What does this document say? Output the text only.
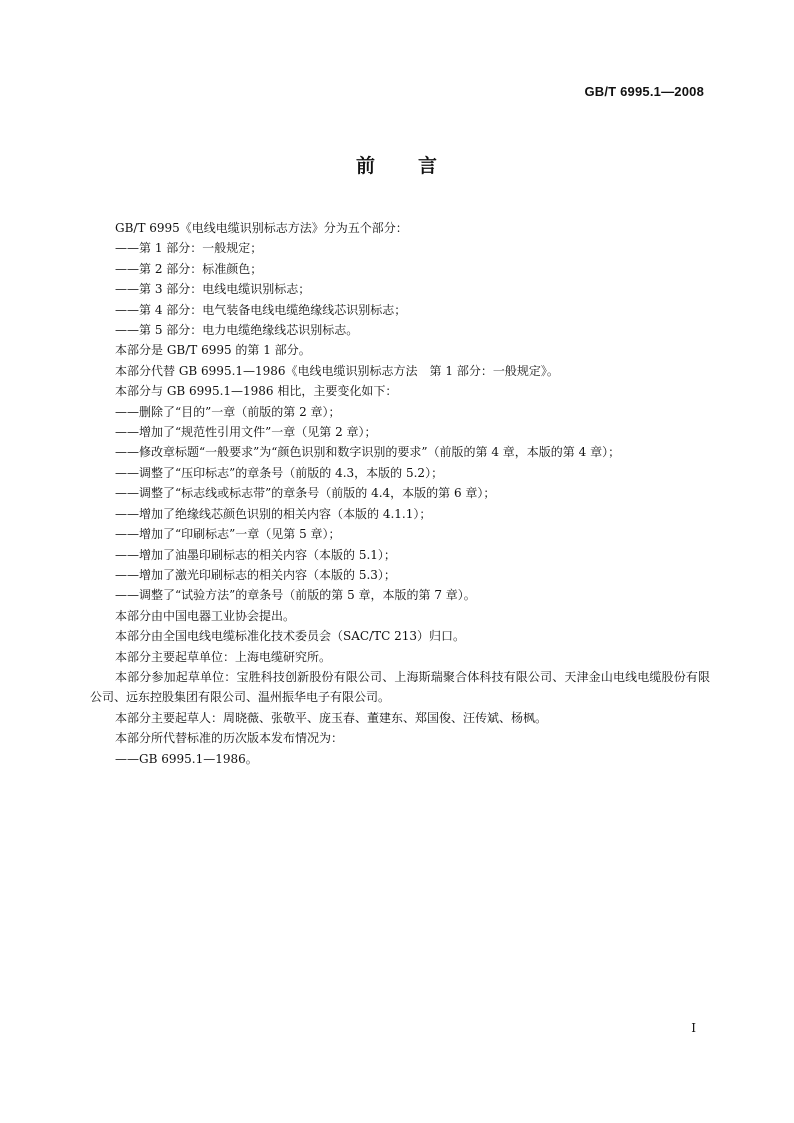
GB/T 6995.1—2008
前 言

GB/T 6995《电线电缆识别标志方法》分为五个部分：

——第 1 部分：一般规定；

——第 2 部分：标准颜色；

——第 3 部分：电线电缆识别标志；

——第 4 部分：电气装备电线电缆绝缘线芯识别标志；

——第 5 部分：电力电缆绝缘线芯识别标志。

本部分是 GB/T 6995 的第 1 部分。

本部分代替 GB 6995.1—1986《电线电缆识别标志方法　第 1 部分：一般规定》。

本部分与 GB 6995.1—1986 相比，主要变化如下：

——删除了“目的”一章（前版的第 2 章）；

——增加了“规范性引用文件”一章（见第 2 章）；

——修改章标题“一般要求”为“颜色识别和数字识别的要求”（前版的第 4 章，本版的第 4 章）；

——调整了“压印标志”的章条号（前版的 4.3，本版的 5.2）；

——调整了“标志线或标志带”的章条号（前版的 4.4，本版的第 6 章）；

——增加了绝缘线芯颜色识别的相关内容（本版的 4.1.1）；

——增加了“印刷标志”一章（见第 5 章）；

——增加了油墨印刷标志的相关内容（本版的 5.1）；

——增加了激光印刷标志的相关内容（本版的 5.3）；

——调整了“试验方法”的章条号（前版的第 5 章，本版的第 7 章）。

本部分由中国电器工业协会提出。

本部分由全国电线电缆标准化技术委员会（SAC/TC 213）归口。

本部分主要起草单位：上海电缆研究所。

本部分参加起草单位：宝胜科技创新股份有限公司、上海斯瑞聚合体科技有限公司、天津金山电线电缆股份有限公司、远东控股集团有限公司、温州振华电子有限公司。

本部分主要起草人：周晓薇、张敬平、庞玉春、董建东、郑国俊、汪传斌、杨枫。

本部分所代替标准的历次版本发布情况为：

——GB 6995.1—1986。

I
